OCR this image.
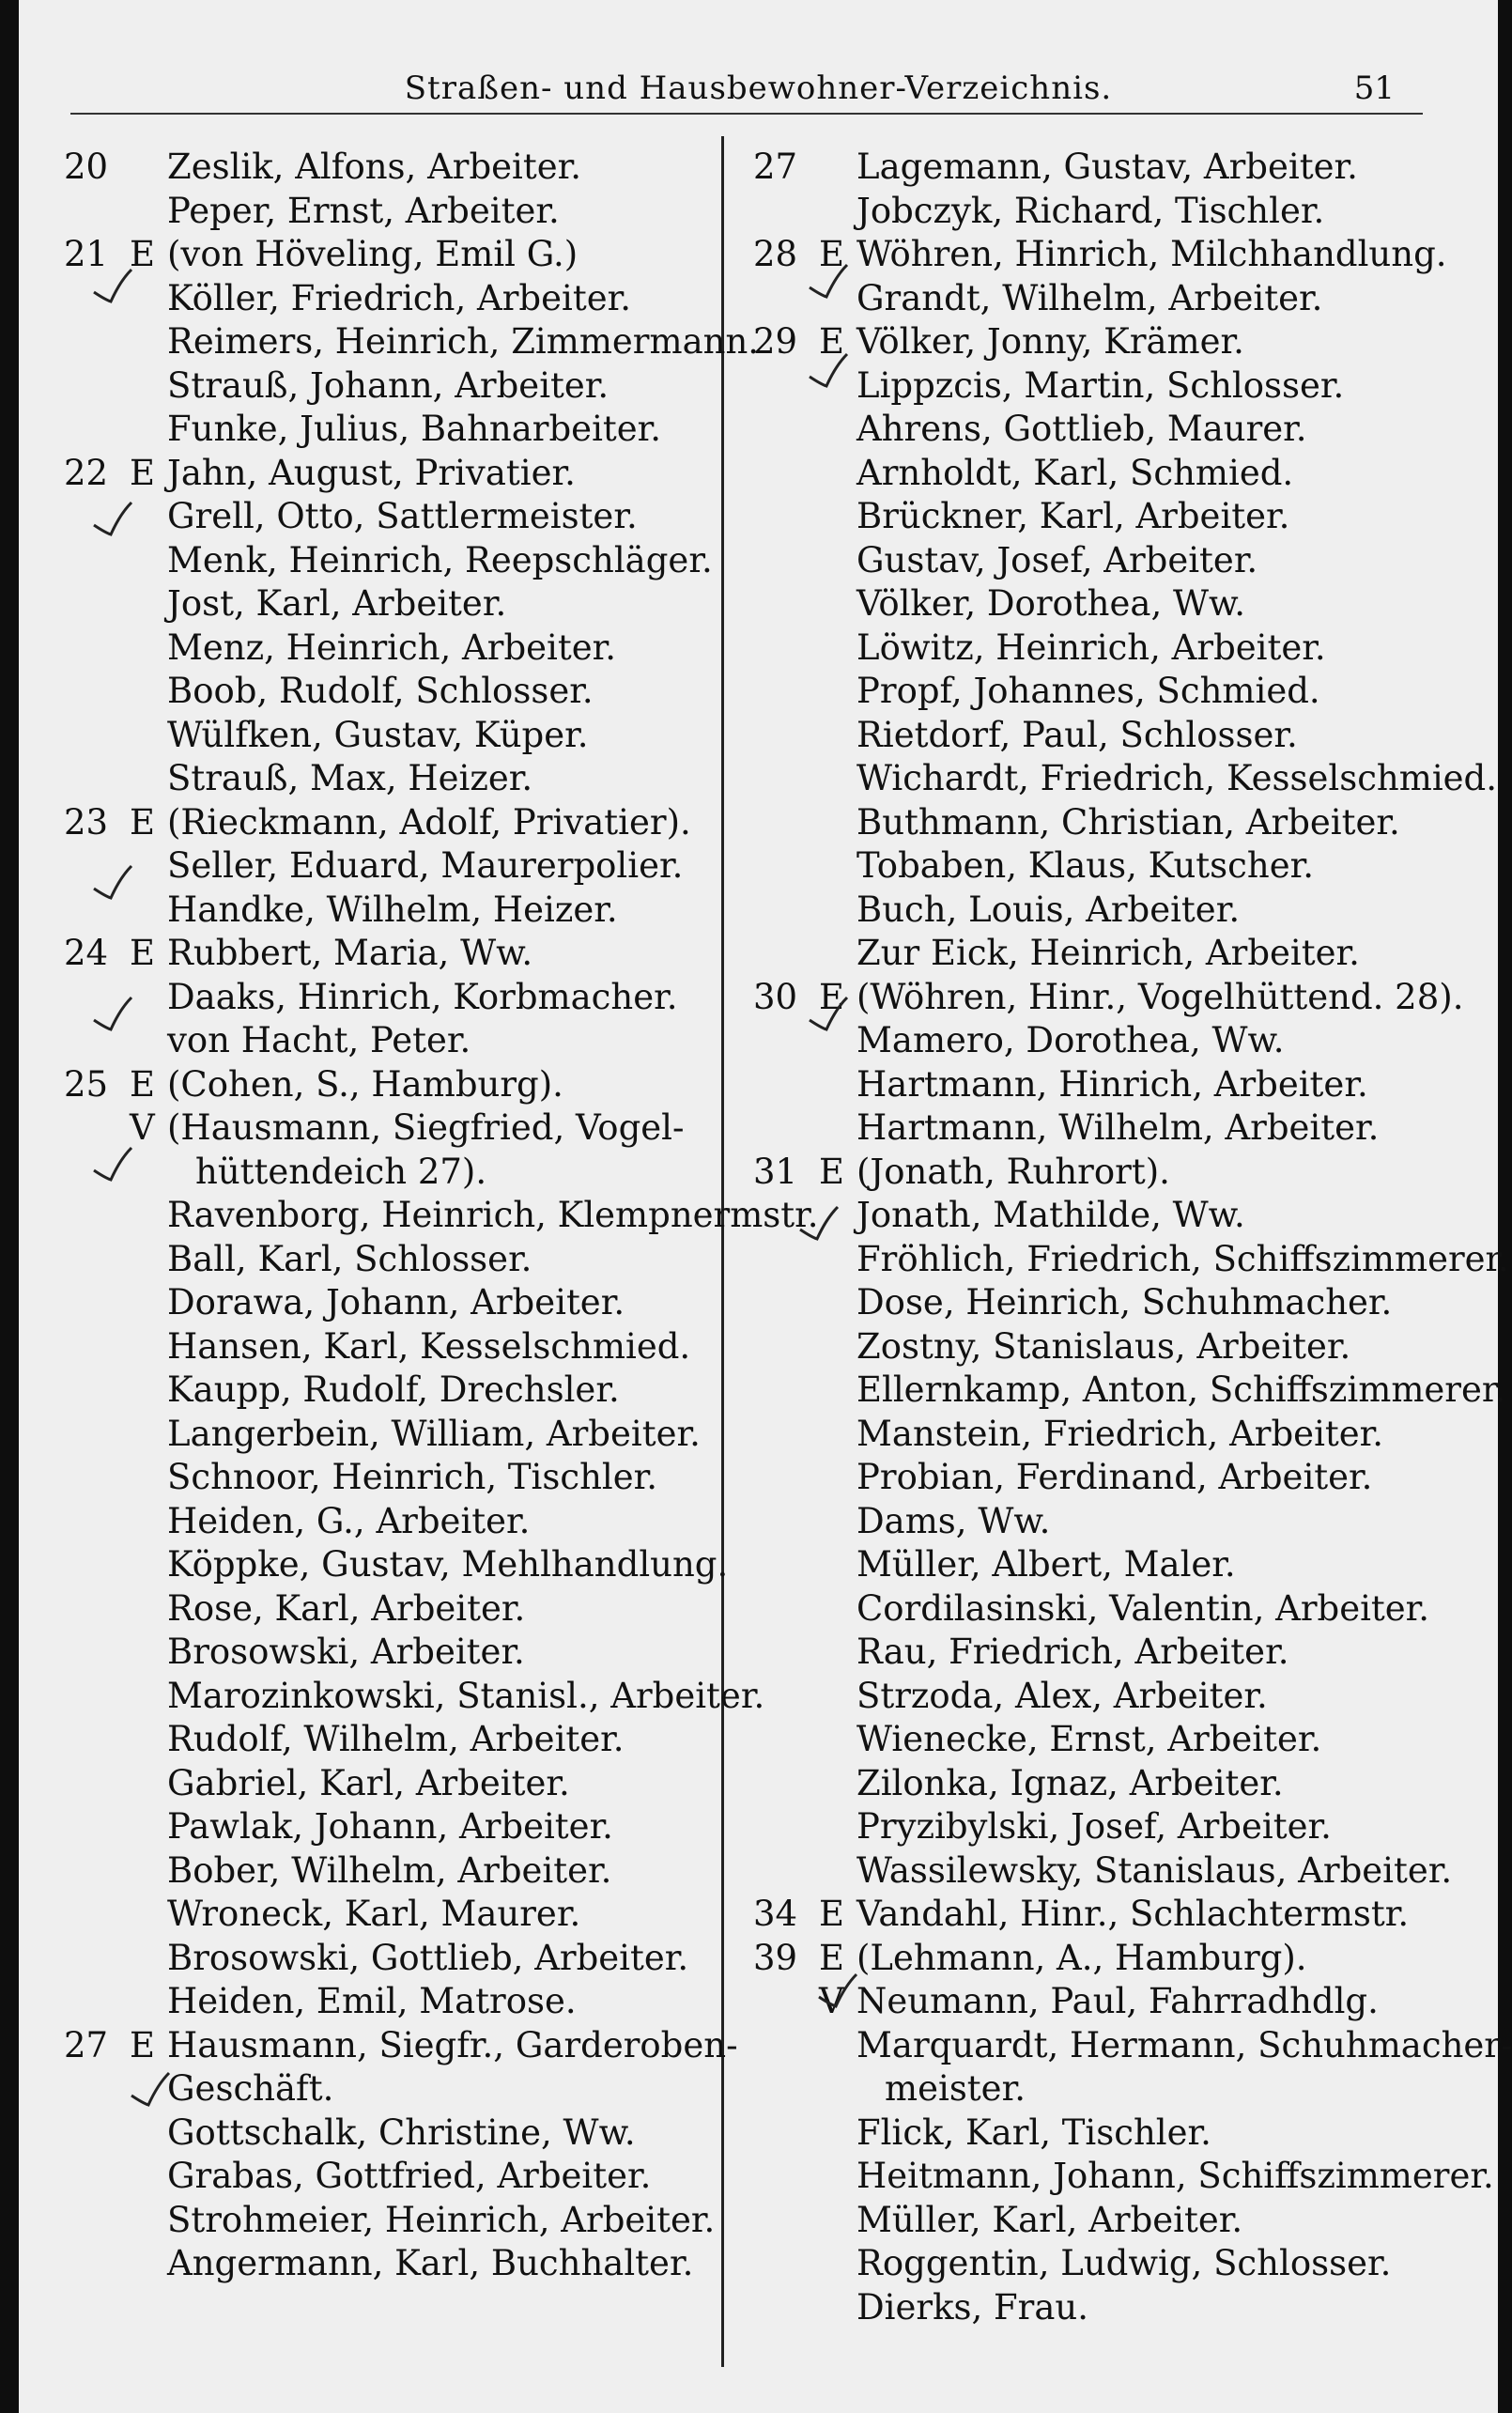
Straßen- und Hausbewohner-Verzeichnis.	51
20 Zeslik, Alfons, Arbeiter.
Peper, Ernst, Arbeiter.
21 E (von Höveling, Emil G.)
Köller, Friedrich, Arbeiter.
Reimers, Heinrich, Zimmermann.
Strauß, Johann, Arbeiter.
Funke, Julius, Bahnarbeiter.
22 E Jahn, August, Privatier.
Grell, Otto, Sattlermeister.
Menk, Heinrich, Reepschläger.
Jost, Karl, Arbeiter.
Menz, Heinrich, Arbeiter.
Boob, Rudolf, Schlosser.
Wülfken, Gustav, Küper.
Strauß, Max, Heizer.
23 E (Rieckmann, Adolf, Privatier).
Seller, Eduard, Maurerpolier.
Handke, Wilhelm, Heizer.
24 E Rubbert, Maria, Ww.
Daaks, Hinrich, Korbmacher.
von Hacht, Peter.
25 E (Cohen, S., Hamburg).
V (Hausmann, Siegfried, Vogel-
hüttendeich 27).
Ravenborg, Heinrich, Klempnermstr.
Ball, Karl, Schlosser.
Dorawa, Johann, Arbeiter.
Hansen, Karl, Kesselschmied.
Kaupp, Rudolf, Drechsler.
Langerbein, William, Arbeiter.
Schnoor, Heinrich, Tischler.
Heiden, G., Arbeiter.
Köppke, Gustav, Mehlhandlung.
Rose, Karl, Arbeiter.
Brosowski, Arbeiter.
Marozinkowski, Stanisl., Arbeiter.
Rudolf, Wilhelm, Arbeiter.
Gabriel, Karl, Arbeiter.
Pawlak, Johann, Arbeiter.
Bober, Wilhelm, Arbeiter.
Wroneck, Karl, Maurer.
Brosowski, Gottlieb, Arbeiter.
Heiden, Emil, Matrose.
27 E Hausmann, Siegfr., Garderoben-
Geschäft.
Gottschalk, Christine, Ww.
Grabas, Gottfried, Arbeiter.
Strohmeier, Heinrich, Arbeiter.
Angermann, Karl, Buchhalter.
27 Lagemann, Gustav, Arbeiter.
Jobczyk, Richard, Tischler.
28 E Wöhren, Hinrich, Milchhandlung.
Grandt, Wilhelm, Arbeiter.
29 E Völker, Jonny, Krämer.
Lippzcis, Martin, Schlosser.
Ahrens, Gottlieb, Maurer.
Arnholdt, Karl, Schmied.
Brückner, Karl, Arbeiter.
Gustav, Josef, Arbeiter.
Völker, Dorothea, Ww.
Löwitz, Heinrich, Arbeiter.
Propf, Johannes, Schmied.
Rietdorf, Paul, Schlosser.
Wichardt, Friedrich, Kesselschmied.
Buthmann, Christian, Arbeiter.
Tobaben, Klaus, Kutscher.
Buch, Louis, Arbeiter.
Zur Eick, Heinrich, Arbeiter.
30 E (Wöhren, Hinr., Vogelhüttend. 28).
Mamero, Dorothea, Ww.
Hartmann, Hinrich, Arbeiter.
Hartmann, Wilhelm, Arbeiter.
31 E (Jonath, Ruhrort).
Jonath, Mathilde, Ww.
Fröhlich, Friedrich, Schiffszimmerer.
Dose, Heinrich, Schuhmacher.
Zostny, Stanislaus, Arbeiter.
Ellernkamp, Anton, Schiffszimmerer.
Manstein, Friedrich, Arbeiter.
Probian, Ferdinand, Arbeiter.
Dams, Ww.
Müller, Albert, Maler.
Cordilasinski, Valentin, Arbeiter.
Rau, Friedrich, Arbeiter.
Strzoda, Alex, Arbeiter.
Wienecke, Ernst, Arbeiter.
Zilonka, Ignaz, Arbeiter.
Pryzibylski, Josef, Arbeiter.
Wassilewsky, Stanislaus, Arbeiter.
34 E Vandahl, Hinr., Schlachtermstr.
39 E (Lehmann, A., Hamburg).
V Neumann, Paul, Fahrradhdlg.
Marquardt, Hermann, Schuhmacher-
meister.
Flick, Karl, Tischler.
Heitmann, Johann, Schiffszimmerer.
Müller, Karl, Arbeiter.
Roggentin, Ludwig, Schlosser.
Dierks, Frau.
